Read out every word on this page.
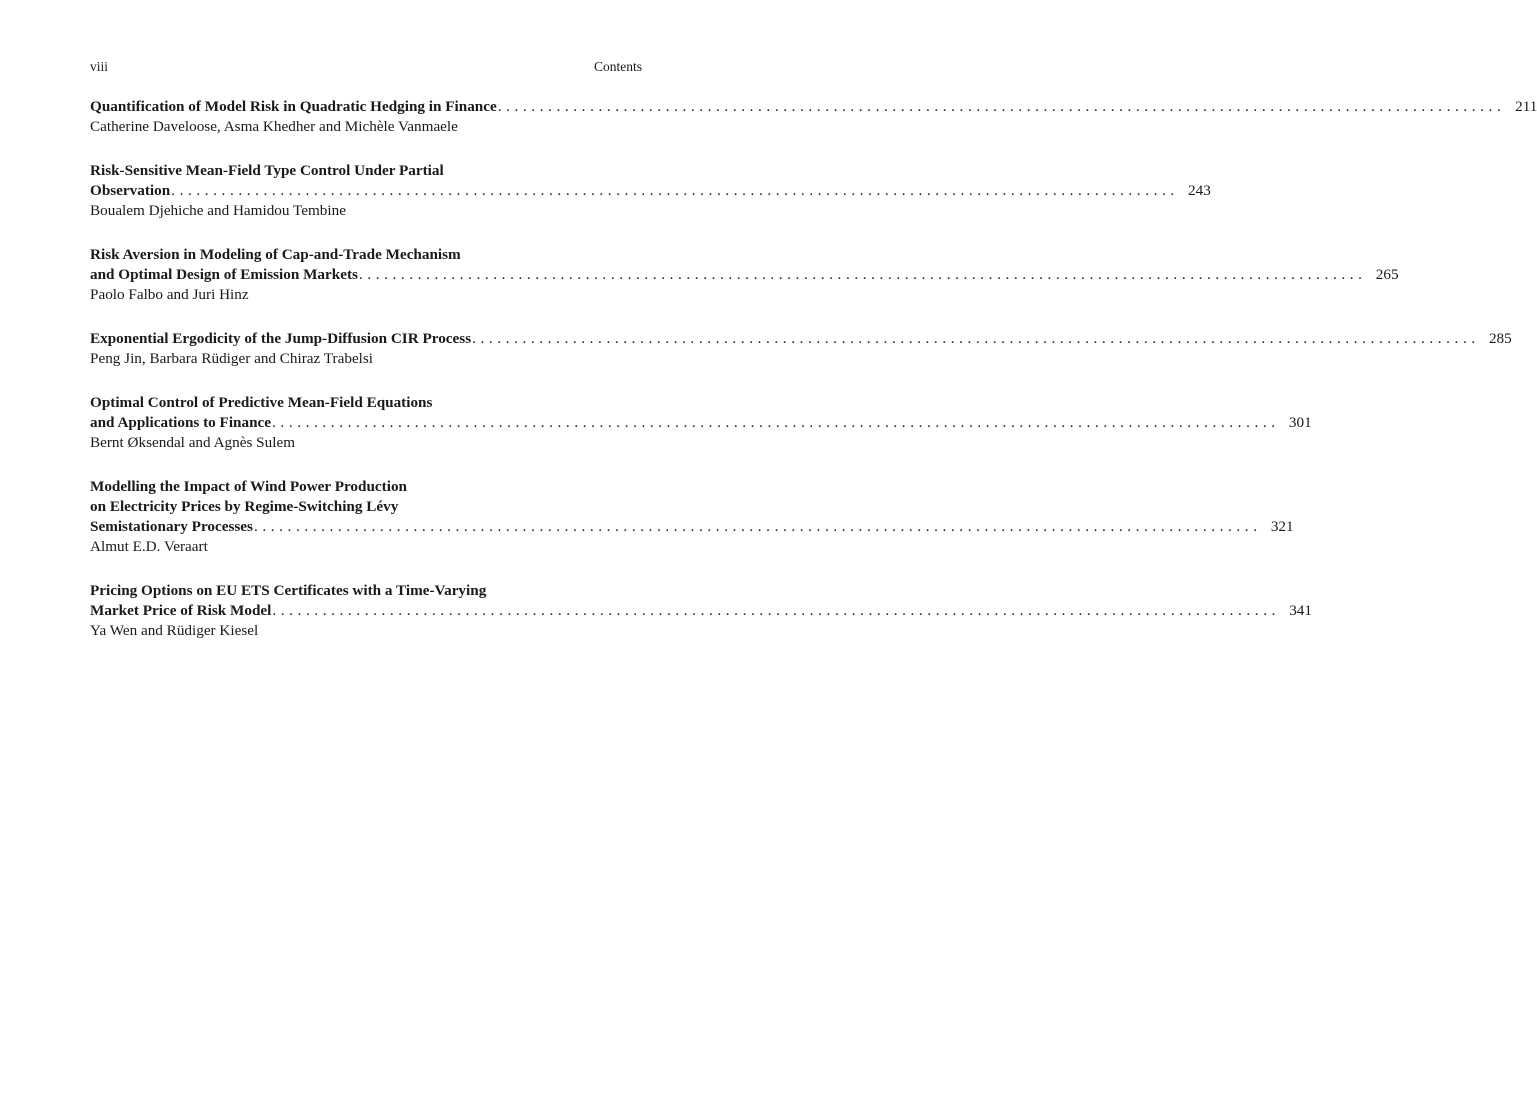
viii	Contents
Quantification of Model Risk in Quadratic Hedging in Finance ........................................................................................................................ 211
Catherine Daveloose, Asma Khedher and Michèle Vanmaele
Risk-Sensitive Mean-Field Type Control Under Partial
Observation ........................................................................................................................ 243
Boualem Djehiche and Hamidou Tembine
Risk Aversion in Modeling of Cap-and-Trade Mechanism
and Optimal Design of Emission Markets ........................................................................................................................ 265
Paolo Falbo and Juri Hinz
Exponential Ergodicity of the Jump-Diffusion CIR Process ........................................................................................................................ 285
Peng Jin, Barbara Rüdiger and Chiraz Trabelsi
Optimal Control of Predictive Mean-Field Equations
and Applications to Finance ........................................................................................................................ 301
Bernt Øksendal and Agnès Sulem
Modelling the Impact of Wind Power Production
on Electricity Prices by Regime-Switching Lévy
Semistationary Processes ........................................................................................................................ 321
Almut E.D. Veraart
Pricing Options on EU ETS Certificates with a Time-Varying
Market Price of Risk Model ........................................................................................................................ 341
Ya Wen and Rüdiger Kiesel
